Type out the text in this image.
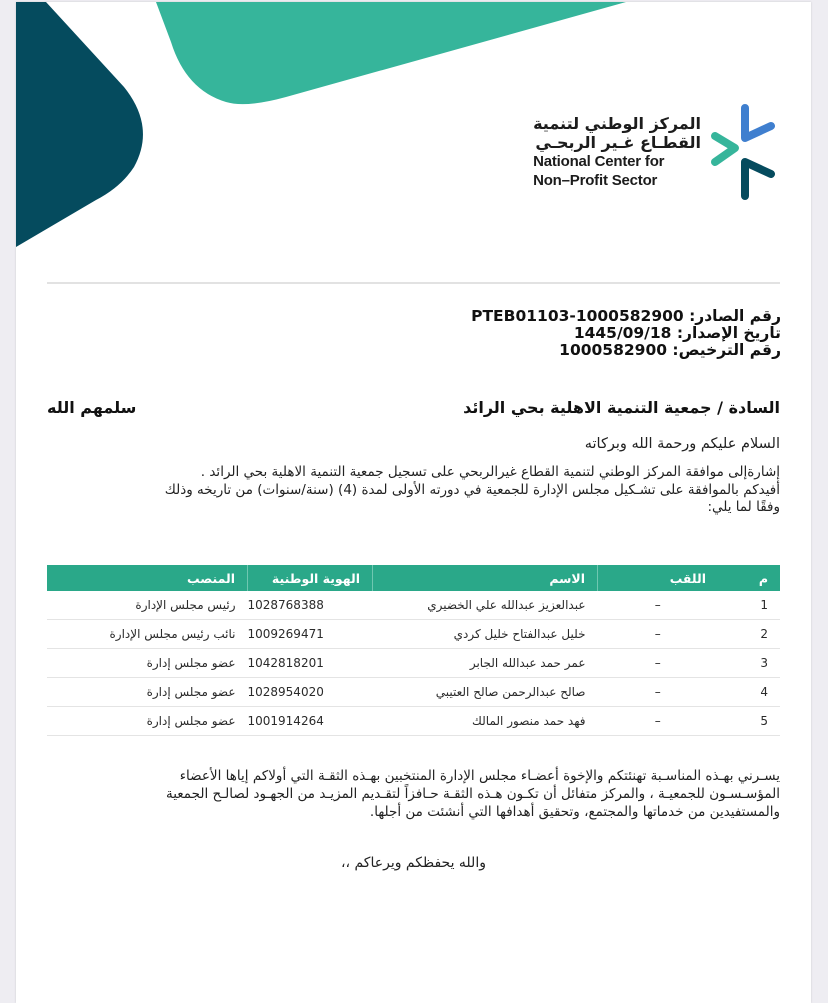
المركز الوطني لتنمية
القطـاع غـير الربحـي
National Center for
Non–Profit Sector
رقم الصادر: PTEB01103-1000582900
تاريخ الإصدار: 1445/09/18
رقم الترخيص: 1000582900
السادة / جمعية التنمية الاهلية بحي الرائد
سلمهم الله
السلام عليكم ورحمة الله وبركاته
إشارةإلى موافقة المركز الوطني لتنمية القطاع غيرالربحي على تسجيل جمعية التنمية الاهلية بحي الرائد .
أفيدكم بالموافقة على تشـكيل مجلس الإدارة للجمعية في دورته الأولى لمدة (4) (سنة/سنوات) من تاريخه وذلك
وفقًا لما يلي:
م	اللقب	الاسم	الهوية الوطنية	المنصب
1	–	عبدالعزيز عبدالله علي الخضيري	1028768388	رئيس مجلس الإدارة
2	–	خليل عبدالفتاح خليل كردي	1009269471	نائب رئيس مجلس الإدارة
3	–	عمر حمد عبدالله الجابر	1042818201	عضو مجلس إدارة
4	–	صالح عبدالرحمن صالح العتيبي	1028954020	عضو مجلس إدارة
5	–	فهد حمد منصور المالك	1001914264	عضو مجلس إدارة
يسـرني بهـذه المناسـبة تهنئتكم والإخوة أعضـاء مجلس الإدارة المنتخبين بهـذه الثقـة التي أولاكم إياها الأعضاء
المؤسـسـون للجمعيـة ، والمركز متفائل أن تكـون هـذه الثقـة حـافزاً لتقـديم المزيـد من الجهـود لصالـح الجمعية
والمستفيدين من خدماتها والمجتمع، وتحقيق أهدافها التي أنشئت من أجلها.
والله يحفظكم ويرعاكم ،،
